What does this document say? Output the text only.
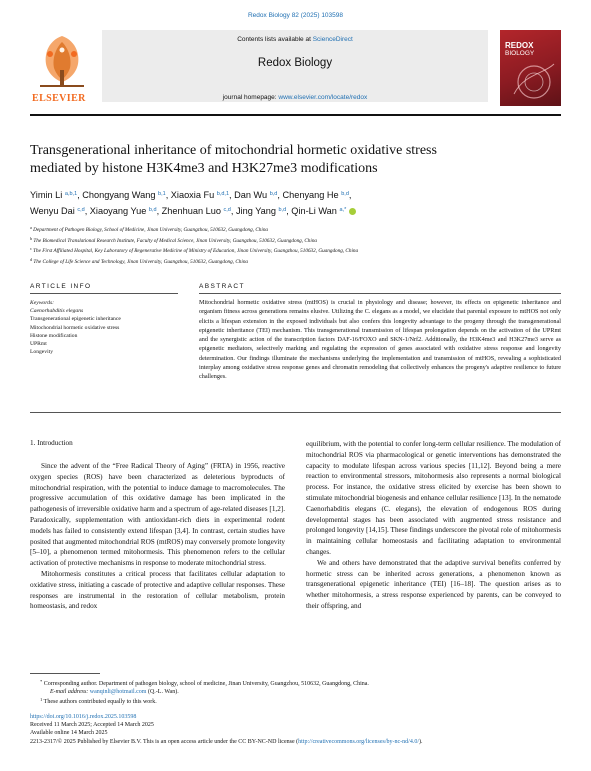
Redox Biology 82 (2025) 103598
ELSEVIER
Contents lists available at ScienceDirect
Redox Biology
journal homepage: www.elsevier.com/locate/redox
REDOX
BIOLOGY
Transgenerational inheritance of mitochondrial hormetic oxidative stress
mediated by histone H3K4me3 and H3K27me3 modifications
Yimin Li $^{a,b,1}$, Chongyang Wang $^{b,1}$, Xiaoxia Fu $^{b,d,1}$, Dan Wu $^{b,d}$, Chenyang He $^{b,d}$,
Wenyu Dai $^{c,d}$, Xiaoyang Yue $^{b,d}$, Zhenhuan Luo $^{c,d}$, Jing Yang $^{b,d}$, Qin-Li Wan $^{a,*}$
$^a$ Department of Pathogen Biology, School of Medicine, Jinan University, Guangzhou, 510632, Guangdong, China
$^b$ The Biomedical Translational Research Institute, Faculty of Medical Science, Jinan University, Guangzhou, 510632, Guangdong, China
$^c$ The First Affiliated Hospital, Key Laboratory of Regenerative Medicine of Ministry of Education, Jinan University, Guangzhou, 510632, Guangdong, China
$^d$ The College of Life Science and Technology, Jinan University, Guangzhou, 510632, Guangdong, China
ARTICLE INFO	ABSTRACT
Keywords:
Caenorhabditis elegans
Transgenerational epigenetic inheritance
Mitochondrial hormetic oxidative stress
Histone modification
UPRmt
Longevity
Mitochondrial hormetic oxidative stress (mtHOS) is crucial in physiology and disease; however, its effects on epigenetic inheritance and organism fitness across generations remains elusive. Utilizing the C. elegans as a model, we elucidate that parental exposure to mtHOS not only elicits a lifespan extension in the exposed individuals but also confers this longevity advantage to the progeny through the transgenerational epigenetic inheritance (TEI) mechanism. This transgenerational transmission of lifespan prolongation depends on the activation of the UPRmt and the synergistic action of the transcription factors DAF-16/FOXO and SKN-1/Nrf2. Additionally, the H3K4me3 and H3K27me3 serve as epigenetic mediators, selectively marking and regulating the expression of genes associated with oxidative stress response and longevity determination. Our findings illuminate the mechanisms underlying the implementation and transmission of mtHOS, revealing a sophisticated interplay among oxidative stress response genes and chromatin remodeling that collectively enhances the progeny's adaptive resilience to future challenges.
1. Introduction

Since the advent of the “Free Radical Theory of Aging” (FRTA) in 1956, reactive oxygen species (ROS) have been characterized as deleterious byproducts of mitochondrial respiration, with the potential to induce damage to macromolecules. The progressive accumulation of this oxidative damage has been implicated in the pathogenesis of irreversible oxidative harm and a spectrum of age-related diseases [1,2]. Paradoxically, supplementation with antioxidant-rich diets in experimental rodent models has failed to consistently extend lifespan [3,4]. In contrast, certain studies have posited that augmented mitochondrial ROS (mtROS) may conversely promote longevity [5–10], a phenomenon termed mitohormesis. This phenomenon refers to the cellular activation of protective mechanisms in response to moderate mitochondrial stress.

Mitohormesis constitutes a critical process that facilitates cellular adaptation to oxidative stress, initiating a cascade of protective and adaptive cellular responses. These responses are instrumental in the restoration of cellular metabolism, protein homeostasis, and redox

equilibrium, with the potential to confer long-term cellular resilience. The modulation of mitochondrial ROS via pharmacological or genetic interventions has demonstrated the capacity to modulate lifespan across various species [11,12]. Beyond being a mere reaction to environmental stressors, mitohormesis also represents a normal biological process. For instance, the oxidative stress elicited by exercise has been shown to stimulate mitochondrial biogenesis and enhance cellular resilience [13]. In the nematode Caenorhabditis elegans (C. elegans), the elevation of endogenous ROS during developmental stages has been associated with augmented stress resistance and prolonged longevity [14,15]. These findings underscore the pivotal role of mitohormesis in maintaining cellular homeostasis and facilitating adaptation to environmental changes.

We and others have demonstrated that the adaptive survival benefits conferred by hormetic stress can be inherited across generations, a phenomenon known as transgenerational epigenetic inheritance (TEI) [16–18]. The question arises as to whether mitohormesis, a stress response experienced by parents, can be conveyed to their offspring, and

* Corresponding author. Department of pathogen biology, school of medicine, Jinan University, Guangzhou, 510632, Guangdong, China.
E-mail address: wanqinli@hotmail.com (Q.-L. Wan).
$^1$ These authors contributed equally to this work.
https://doi.org/10.1016/j.redox.2025.103598
Received 11 March 2025; Accepted 14 March 2025
Available online 14 March 2025
2213-2317/© 2025 Published by Elsevier B.V. This is an open access article under the CC BY-NC-ND license (http://creativecommons.org/licenses/by-nc-nd/4.0/).
